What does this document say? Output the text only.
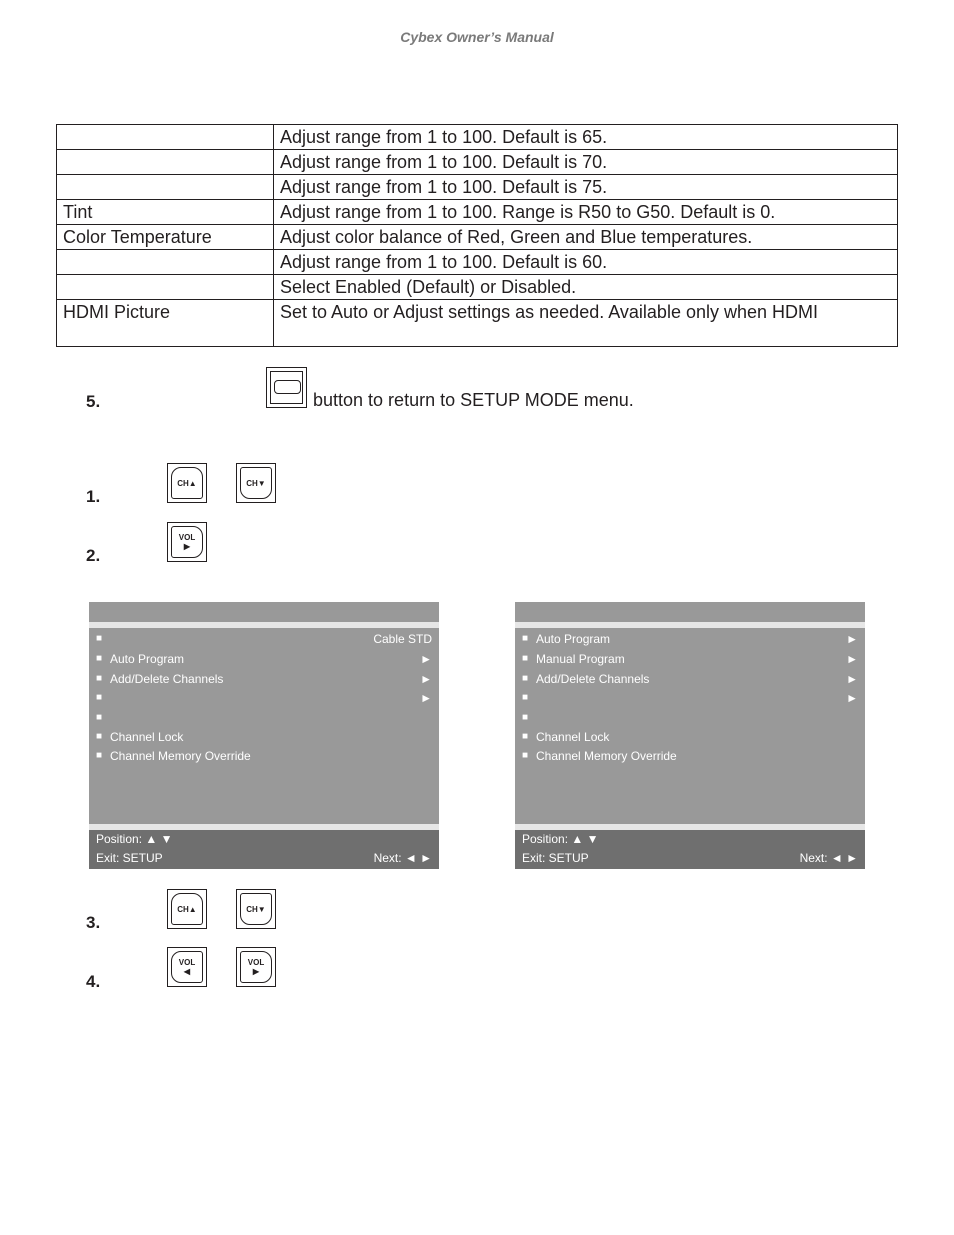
Cybex Owner’s Manual
	Adjust range from 1 to 100. Default is 65.
	Adjust range from 1 to 100. Default is 70.
	Adjust range from 1 to 100. Default is 75.
Tint	Adjust range from 1 to 100. Range is R50 to G50. Default is 0.
Color Temperature	Adjust color balance of Red, Green and Blue temperatures.
	Adjust range from 1 to 100. Default is 60.
	Select Enabled (Default) or Disabled.
HDMI Picture	Set to Auto or Adjust settings as needed. Available only when HDMI
5.	button to return to SETUP MODE menu.
1.
CH▲	CH▼
2.
VOL
▶
■	Cable STD
■ Auto Program	►
■ Add/Delete Channels	►
■	►
■
■ Channel Lock
■ Channel Memory Override
Position: ▲ ▼
Exit: SETUP	Next: ◄ ►
■ Auto Program	►
■ Manual Program	►
■ Add/Delete Channels	►
■	►
■
■ Channel Lock
■ Channel Memory Override
Position: ▲ ▼
Exit: SETUP	Next: ◄ ►
3.
CH▲	CH▼
4.
VOL
◀
VOL
▶
